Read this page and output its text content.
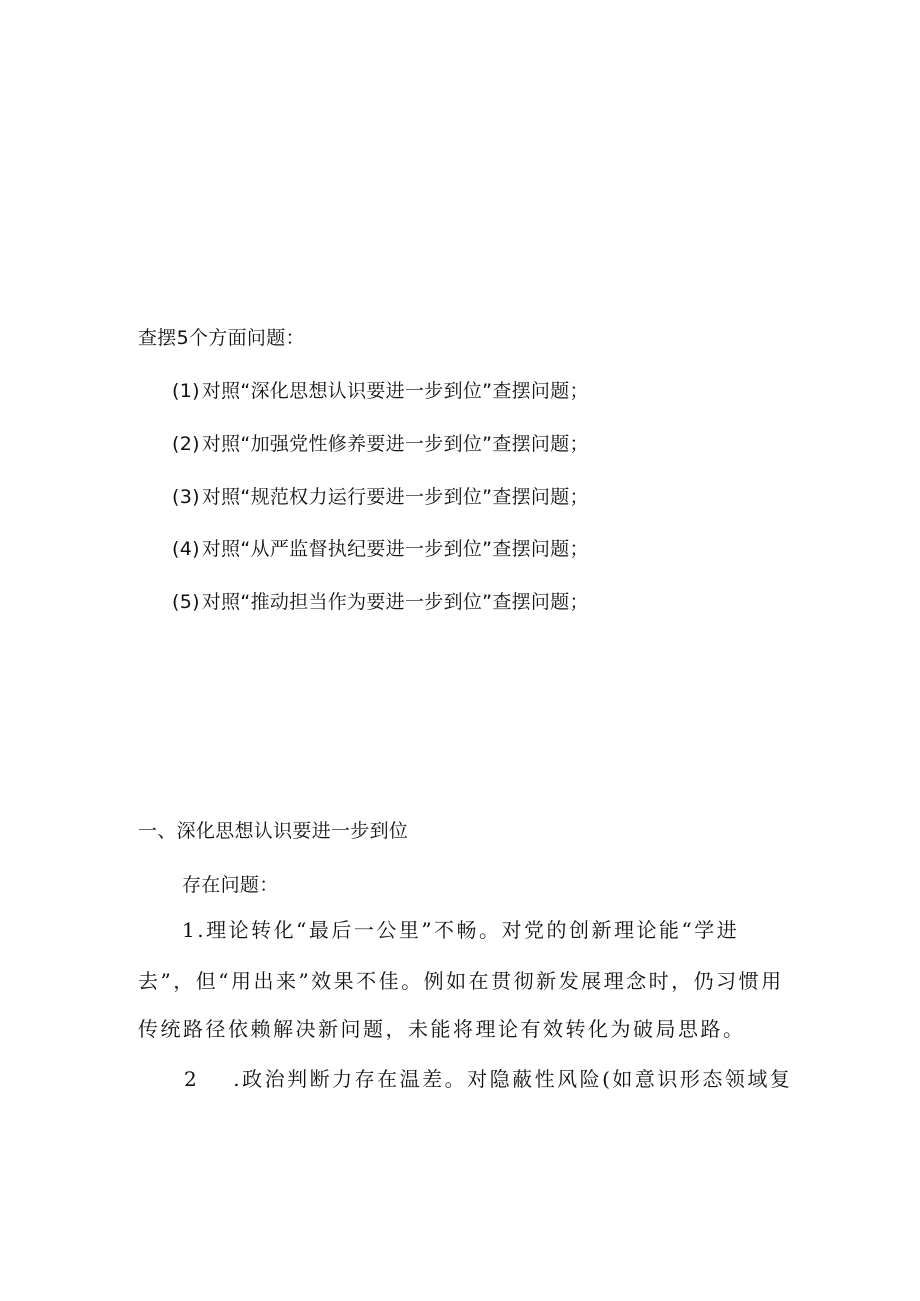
查摆5个方面问题：
(1) 对照“深化思想认识要进一步到位”查摆问题；
(2) 对照“加强党性修养要进一步到位”查摆问题；
(3) 对照“规范权力运行要进一步到位”查摆问题；
(4) 对照“从严监督执纪要进一步到位”查摆问题；
(5) 对照“推动担当作为要进一步到位”查摆问题；
一、深化思想认识要进一步到位
存在问题：
1.理论转化“最后一公里”不畅。对党的创新理论能“学进
去”，但“用出来”效果不佳。例如在贯彻新发展理念时，仍习惯用
传统路径依赖解决新问题，未能将理论有效转化为破局思路。
2 .政治判断力存在温差。对隐蔽性风险(如意识形态领域复
